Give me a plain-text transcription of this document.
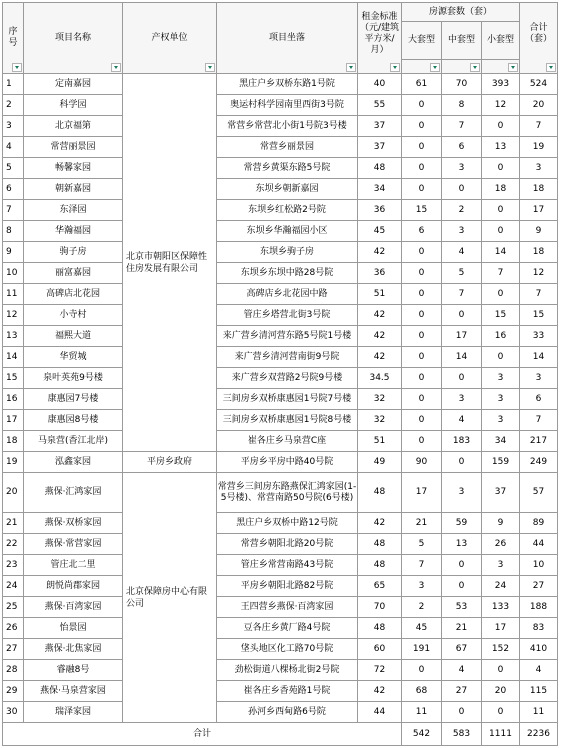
序号	项目名称	产权单位	项目坐落	租金标准（元/建筑平方米/月）	房源套数（套）			合计（套）

					大套型	中套型	小套型	

1	定南嘉园	北京市朝阳区保障性住房发展有限公司	黑庄户乡双桥东路1号院	40	61	70	393	524
2	科学园		奥运村科学园南里西街3号院	55	0	8	12	20
3	北京福第		常营乡常营北小街1号院3号楼	37	0	7	0	7
4	常营丽景园		常营乡丽景园	37	0	6	13	19
5	畅馨家园		常营乡黄渠东路5号院	48	0	3	0	3
6	朝新嘉园		东坝乡朝新嘉园	34	0	0	18	18
7	东泽园		东坝乡红松路2号院	36	15	2	0	17
8	华瀚福园		东坝乡华瀚福园小区	45	6	3	0	9
9	驹子房		东坝乡驹子房	42	0	4	14	18
10	丽富嘉园		东坝乡东坝中路28号院	36	0	5	7	12
11	高碑店北花园		高碑店乡北花园中路	51	0	7	0	7
12	小寺村		管庄乡塔营北街3号院	42	0	0	15	15
13	福熙大道		来广营乡清河营东路5号院1号楼	42	0	17	16	33
14	华贸城		来广营乡清河营南街9号院	42	0	14	0	14
15	泉叶英苑9号楼		来广营乡双营路2号院9号楼	34.5	0	0	3	3
16	康惠园7号楼		三间房乡双桥康惠园1号院7号楼	32	0	3	3	6
17	康惠园8号楼		三间房乡双桥康惠园1号院8号楼	32	0	4	3	7
18	马泉营(香江北岸)		崔各庄乡马泉营C座	51	0	183	34	217
19	泓鑫家园	平房乡政府	平房乡平房中路40号院	49	90	0	159	249
20	燕保·汇鸿家园	北京保障房中心有限公司	常营乡三间房东路燕保汇鸿家园(1-5号楼)、常营南路50号院(6号楼)	48	17	3	37	57
21	燕保·双桥家园		黑庄户乡双桥中路12号院	42	21	59	9	89
22	燕保·常营家园		常营乡朝阳北路20号院	48	5	13	26	44
23	管庄北二里		管庄乡常营南路43号院	48	7	0	3	10
24	朗悦尚郡家园		平房乡朝阳北路82号院	65	3	0	24	27
25	燕保·百湾家园		王四营乡燕保·百湾家园	70	2	53	133	188
26	怡景园		豆各庄乡黄厂路4号院	48	45	21	17	83
27	燕保·北焦家园		垡头地区化工路70号院	60	191	67	152	410
28	睿融8号		劲松街道八棵杨北街2号院	72	0	4	0	4
29	燕保·马泉营家园		崔各庄乡香苑路1号院	42	68	27	20	115
30	瑞泽家园		孙河乡西甸路6号院	44	11	0	0	11
合计					542	583	1111	2236
